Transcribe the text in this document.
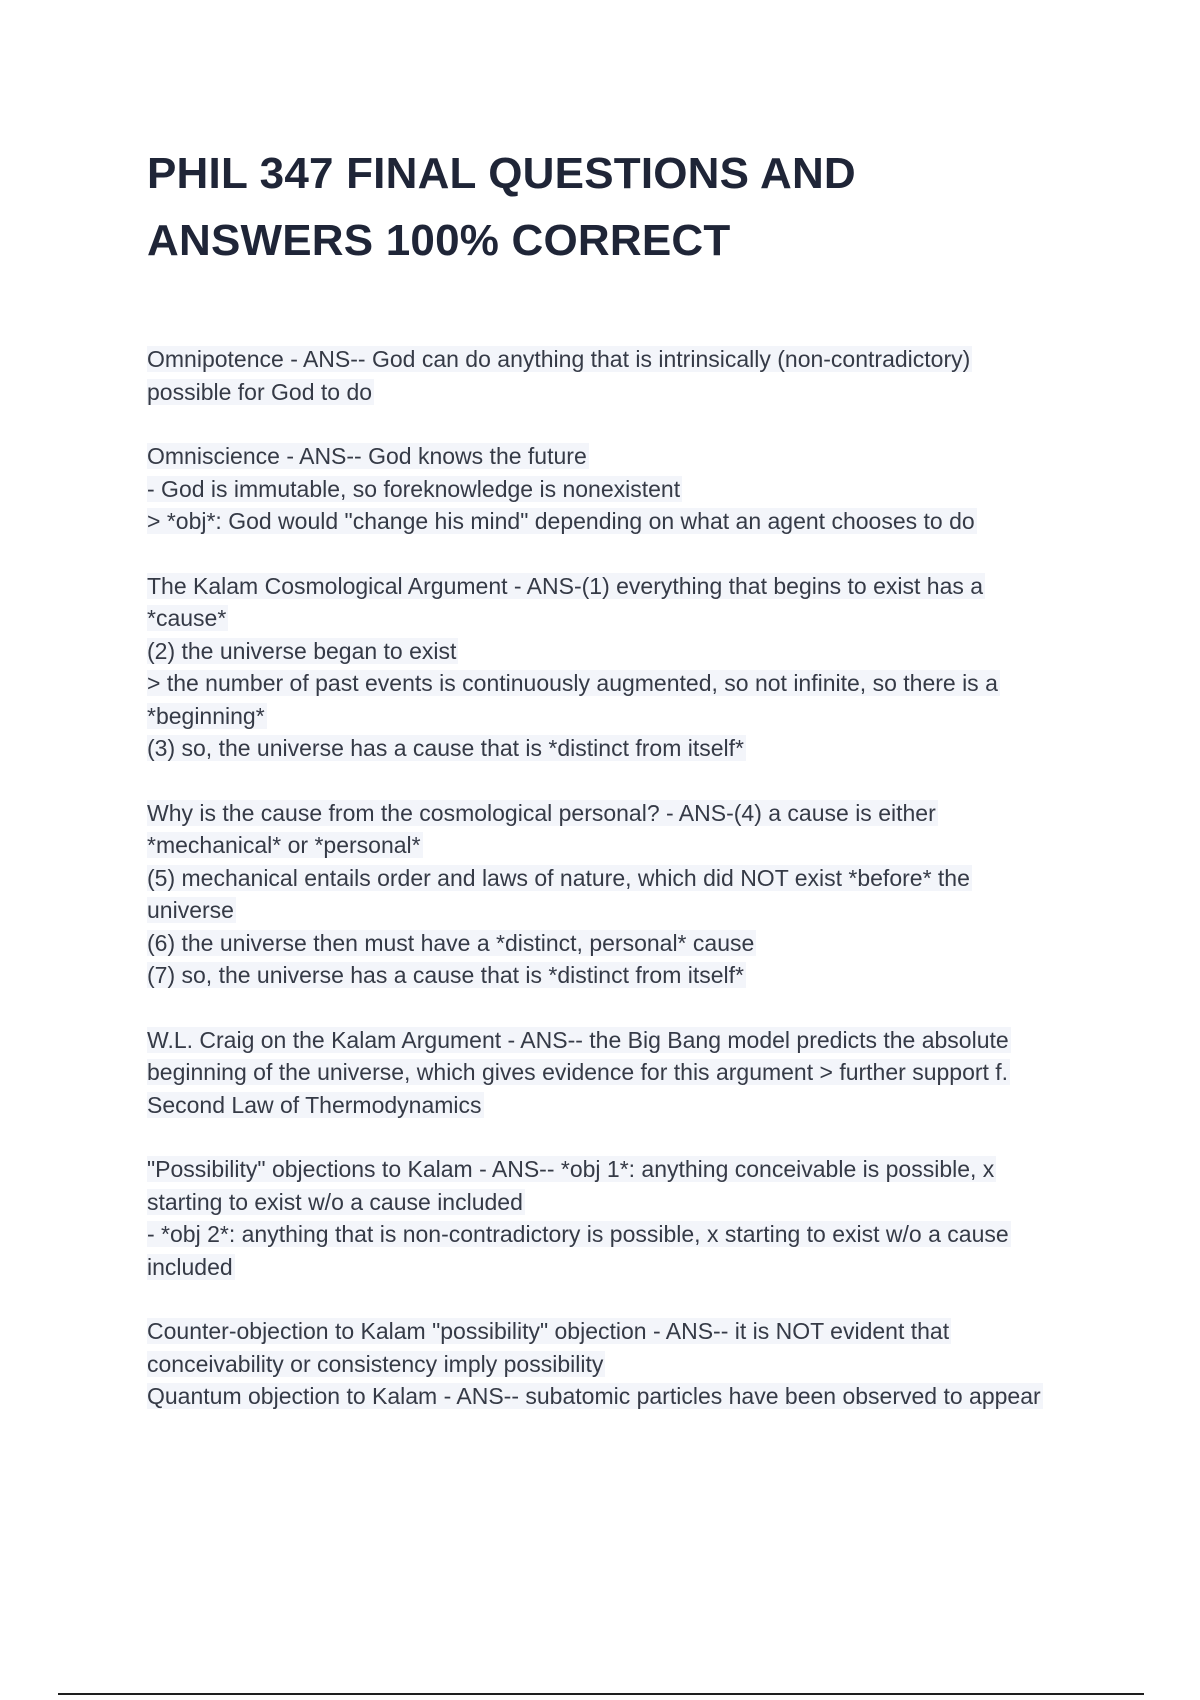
PHIL 347 FINAL QUESTIONS AND
ANSWERS 100% CORRECT
Omnipotence - ANS-- God can do anything that is intrinsically (non-contradictory)
possible for God to do
Omniscience - ANS-- God knows the future
- God is immutable, so foreknowledge is nonexistent
> *obj*: God would "change his mind" depending on what an agent chooses to do
The Kalam Cosmological Argument - ANS-(1) everything that begins to exist has a
*cause*
(2) the universe began to exist
> the number of past events is continuously augmented, so not infinite, so there is a
*beginning*
(3) so, the universe has a cause that is *distinct from itself*
Why is the cause from the cosmological personal? - ANS-(4) a cause is either
*mechanical* or *personal*
(5) mechanical entails order and laws of nature, which did NOT exist *before* the
universe
(6) the universe then must have a *distinct, personal* cause
(7) so, the universe has a cause that is *distinct from itself*
W.L. Craig on the Kalam Argument - ANS-- the Big Bang model predicts the absolute
beginning of the universe, which gives evidence for this argument > further support f.
Second Law of Thermodynamics
"Possibility" objections to Kalam - ANS-- *obj 1*: anything conceivable is possible, x
starting to exist w/o a cause included
- *obj 2*: anything that is non-contradictory is possible, x starting to exist w/o a cause
included
Counter-objection to Kalam "possibility" objection - ANS-- it is NOT evident that
conceivability or consistency imply possibility
Quantum objection to Kalam - ANS-- subatomic particles have been observed to appear
